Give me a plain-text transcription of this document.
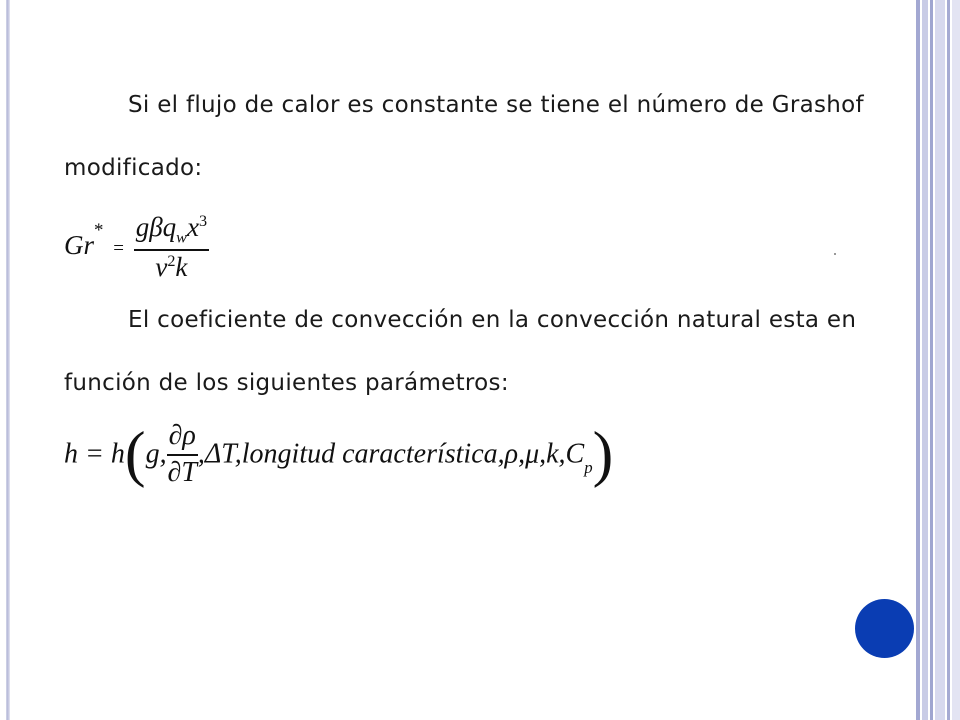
Si el flujo de calor es constante se tiene el número de Grashof

modificado:

$Gr^* = \frac{g\beta q_wx^3}{\nu^2k}$

El coeficiente de convección en la convección natural esta en

función de los siguientes parámetros:

h = h(g, $\frac{\partial\rho}{\partial T}$ ,ΔT,longitud $característica,\rho,\mu,k,C_p$)
